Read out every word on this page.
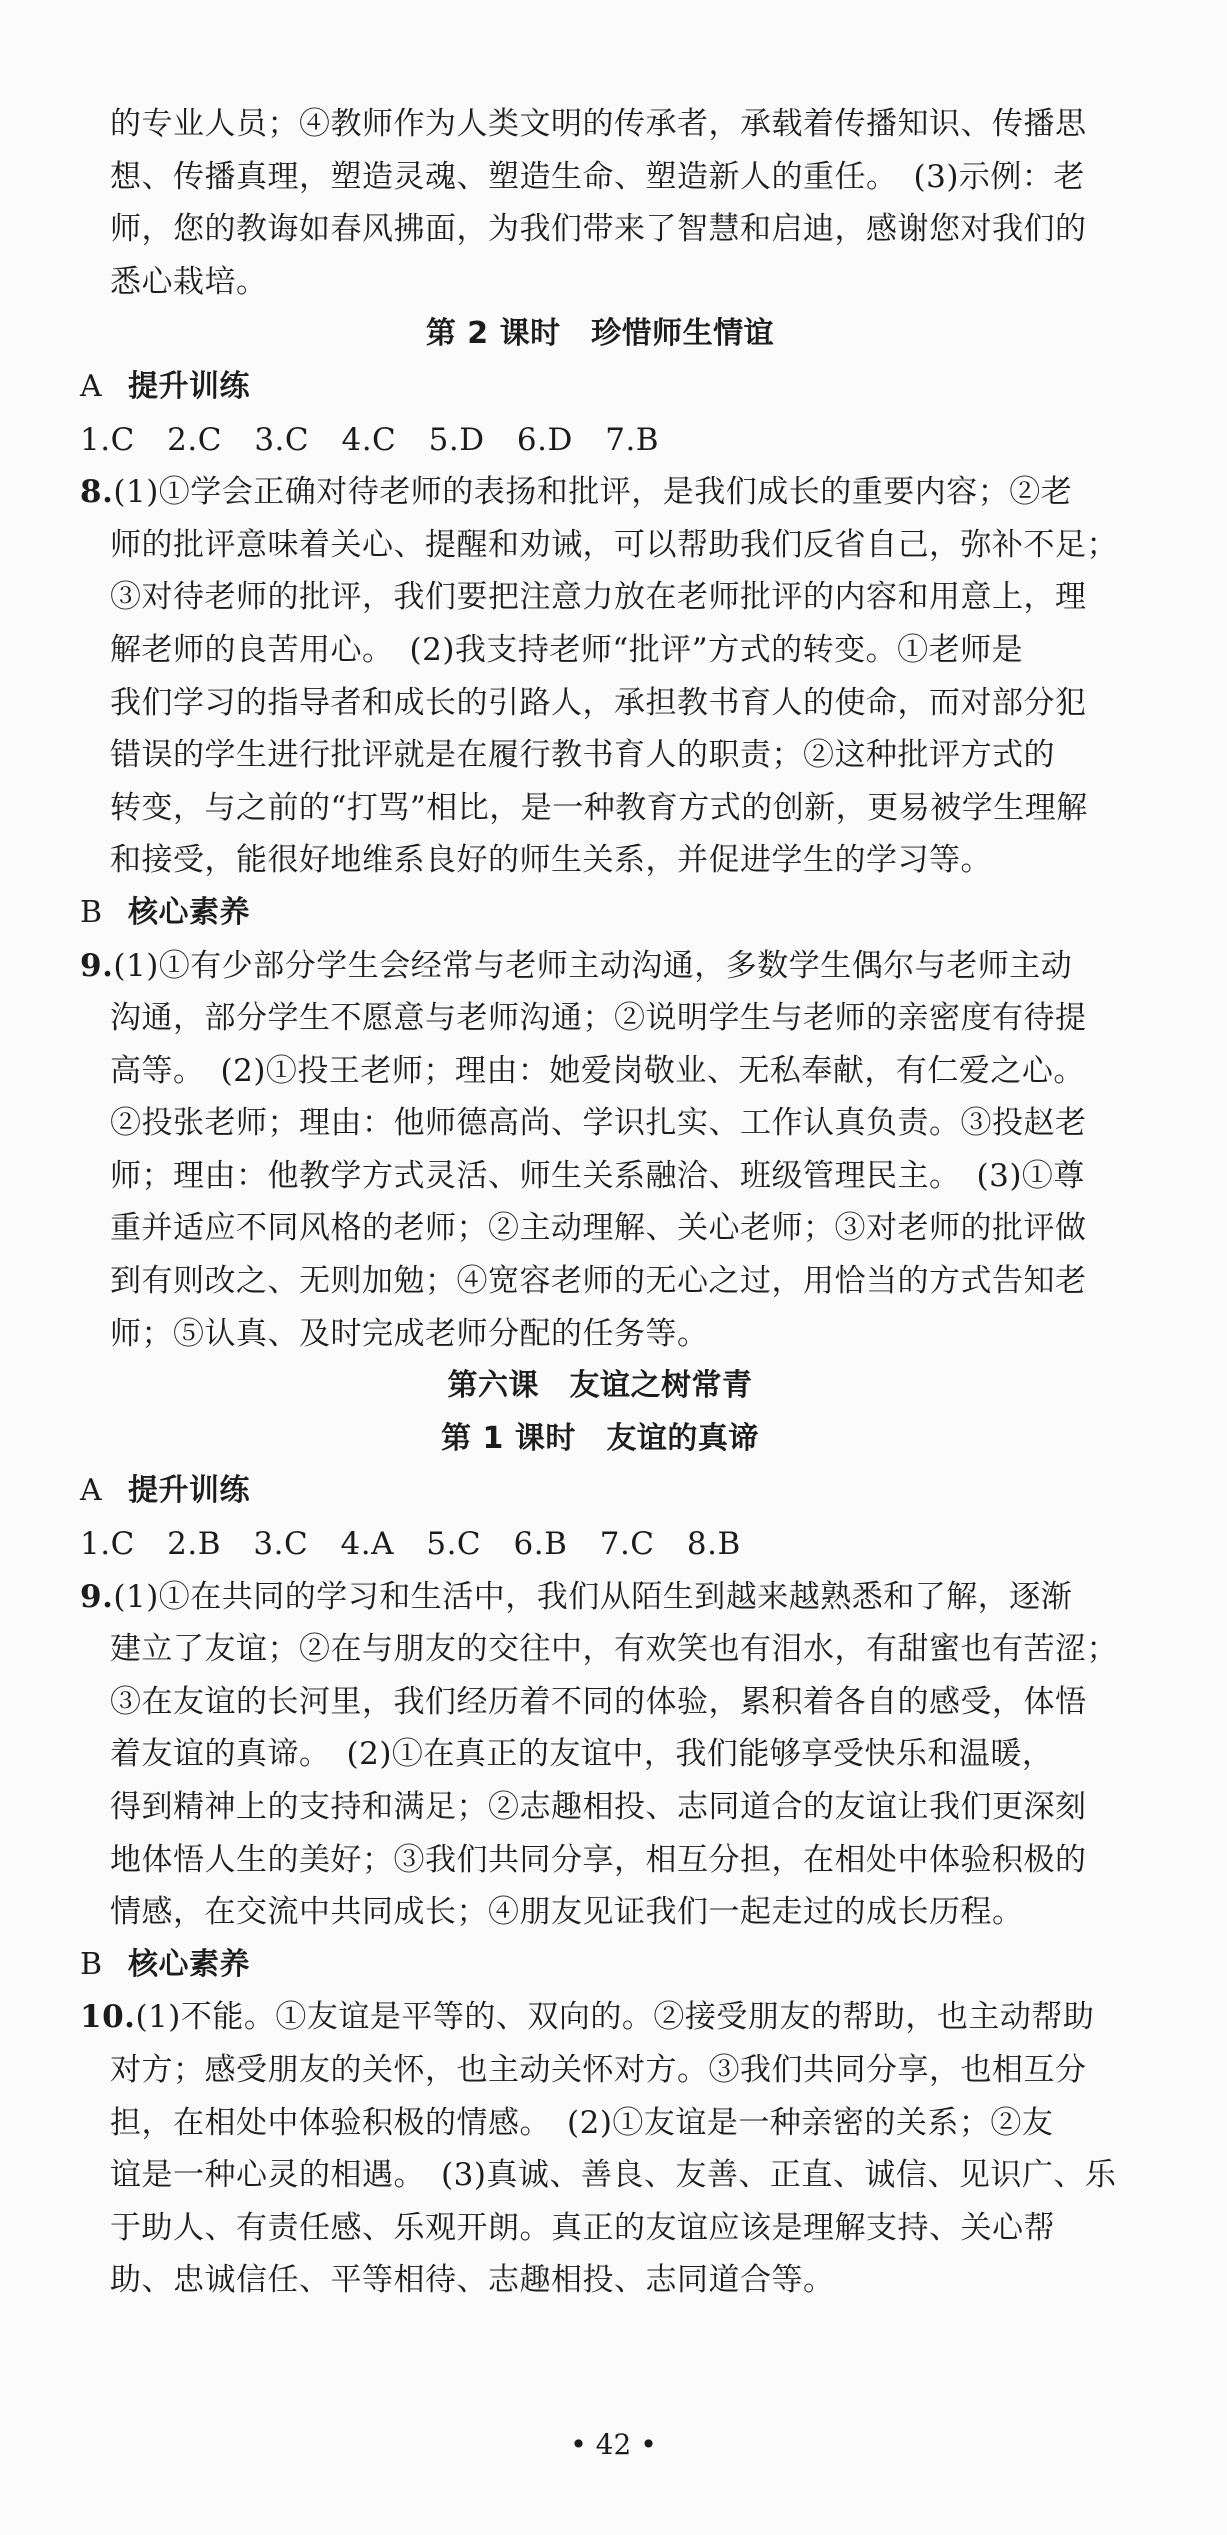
的专业人员；④教师作为人类文明的传承者，承载着传播知识、传播思
想、传播真理，塑造灵魂、塑造生命、塑造新人的重任。　(3)示例：老
师，您的教诲如春风拂面，为我们带来了智慧和启迪，感谢您对我们的
悉心栽培。
第 2 课时　珍惜师生情谊
A 提升训练
1.C 2.C 3.C 4.C 5.D 6.D 7.B
8.(1)①学会正确对待老师的表扬和批评，是我们成长的重要内容；②老
师的批评意味着关心、提醒和劝诫，可以帮助我们反省自己，弥补不足；
③对待老师的批评，我们要把注意力放在老师批评的内容和用意上，理
解老师的良苦用心。　(2)我支持老师“批评”方式的转变。①老师是
我们学习的指导者和成长的引路人，承担教书育人的使命，而对部分犯
错误的学生进行批评就是在履行教书育人的职责；②这种批评方式的
转变，与之前的“打骂”相比，是一种教育方式的创新，更易被学生理解
和接受，能很好地维系良好的师生关系，并促进学生的学习等。
B 核心素养
9.(1)①有少部分学生会经常与老师主动沟通，多数学生偶尔与老师主动
沟通，部分学生不愿意与老师沟通；②说明学生与老师的亲密度有待提
高等。　(2)①投王老师；理由：她爱岗敬业、无私奉献，有仁爱之心。
②投张老师；理由：他师德高尚、学识扎实、工作认真负责。③投赵老
师；理由：他教学方式灵活、师生关系融洽、班级管理民主。　(3)①尊
重并适应不同风格的老师；②主动理解、关心老师；③对老师的批评做
到有则改之、无则加勉；④宽容老师的无心之过，用恰当的方式告知老
师；⑤认真、及时完成老师分配的任务等。
第六课　友谊之树常青
第 1 课时　友谊的真谛
A 提升训练
1.C 2.B 3.C 4.A 5.C 6.B 7.C 8.B
9.(1)①在共同的学习和生活中，我们从陌生到越来越熟悉和了解，逐渐
建立了友谊；②在与朋友的交往中，有欢笑也有泪水，有甜蜜也有苦涩；
③在友谊的长河里，我们经历着不同的体验，累积着各自的感受，体悟
着友谊的真谛。　(2)①在真正的友谊中，我们能够享受快乐和温暖，
得到精神上的支持和满足；②志趣相投、志同道合的友谊让我们更深刻
地体悟人生的美好；③我们共同分享，相互分担，在相处中体验积极的
情感，在交流中共同成长；④朋友见证我们一起走过的成长历程。
B 核心素养
10.(1)不能。①友谊是平等的、双向的。②接受朋友的帮助，也主动帮助
对方；感受朋友的关怀，也主动关怀对方。③我们共同分享，也相互分
担，在相处中体验积极的情感。　(2)①友谊是一种亲密的关系；②友
谊是一种心灵的相遇。　(3)真诚、善良、友善、正直、诚信、见识广、乐
于助人、有责任感、乐观开朗。真正的友谊应该是理解支持、关心帮
助、忠诚信任、平等相待、志趣相投、志同道合等。
• 42 •
